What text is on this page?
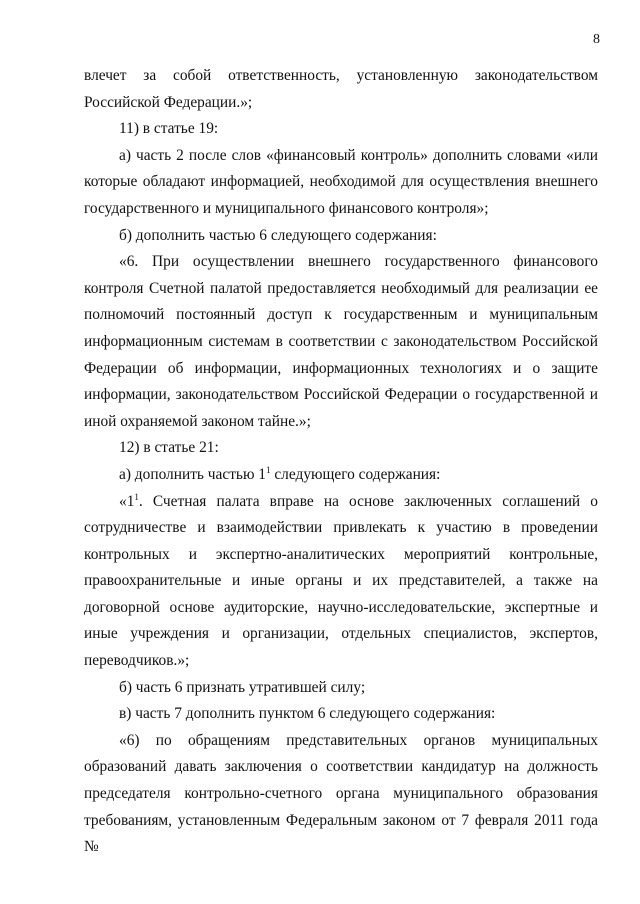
8

влечет за собой ответственность, установленную законодательством Российской Федерации.»;

11) в статье 19:

а) часть 2 после слов «финансовый контроль» дополнить словами «или которые обладают информацией, необходимой для осуществления внешнего государственного и муниципального финансового контроля»;

б) дополнить частью 6 следующего содержания:

«6. При осуществлении внешнего государственного финансового контроля Счетной палатой предоставляется необходимый для реализации ее полномочий постоянный доступ к государственным и муниципальным информационным системам в соответствии с законодательством Российской Федерации об информации, информационных технологиях и о защите информации, законодательством Российской Федерации о государственной и иной охраняемой законом тайне.»;

12) в статье 21:

а) дополнить частью $1^1$ следующего содержания:

«$1^1$. Счетная палата вправе на основе заключенных соглашений о сотрудничестве и взаимодействии привлекать к участию в проведении контрольных и экспертно-аналитических мероприятий контрольные, правоохранительные и иные органы и их представителей, а также на договорной основе аудиторские, научно-исследовательские, экспертные и иные учреждения и организации, отдельных специалистов, экспертов, переводчиков.»;

б) часть 6 признать утратившей силу;

в) часть 7 дополнить пунктом 6 следующего содержания:

«6) по обращениям представительных органов муниципальных образований давать заключения о соответствии кандидатур на должность председателя контрольно-счетного органа муниципального образования требованиям, установленным Федеральным законом от 7 февраля 2011 года №
